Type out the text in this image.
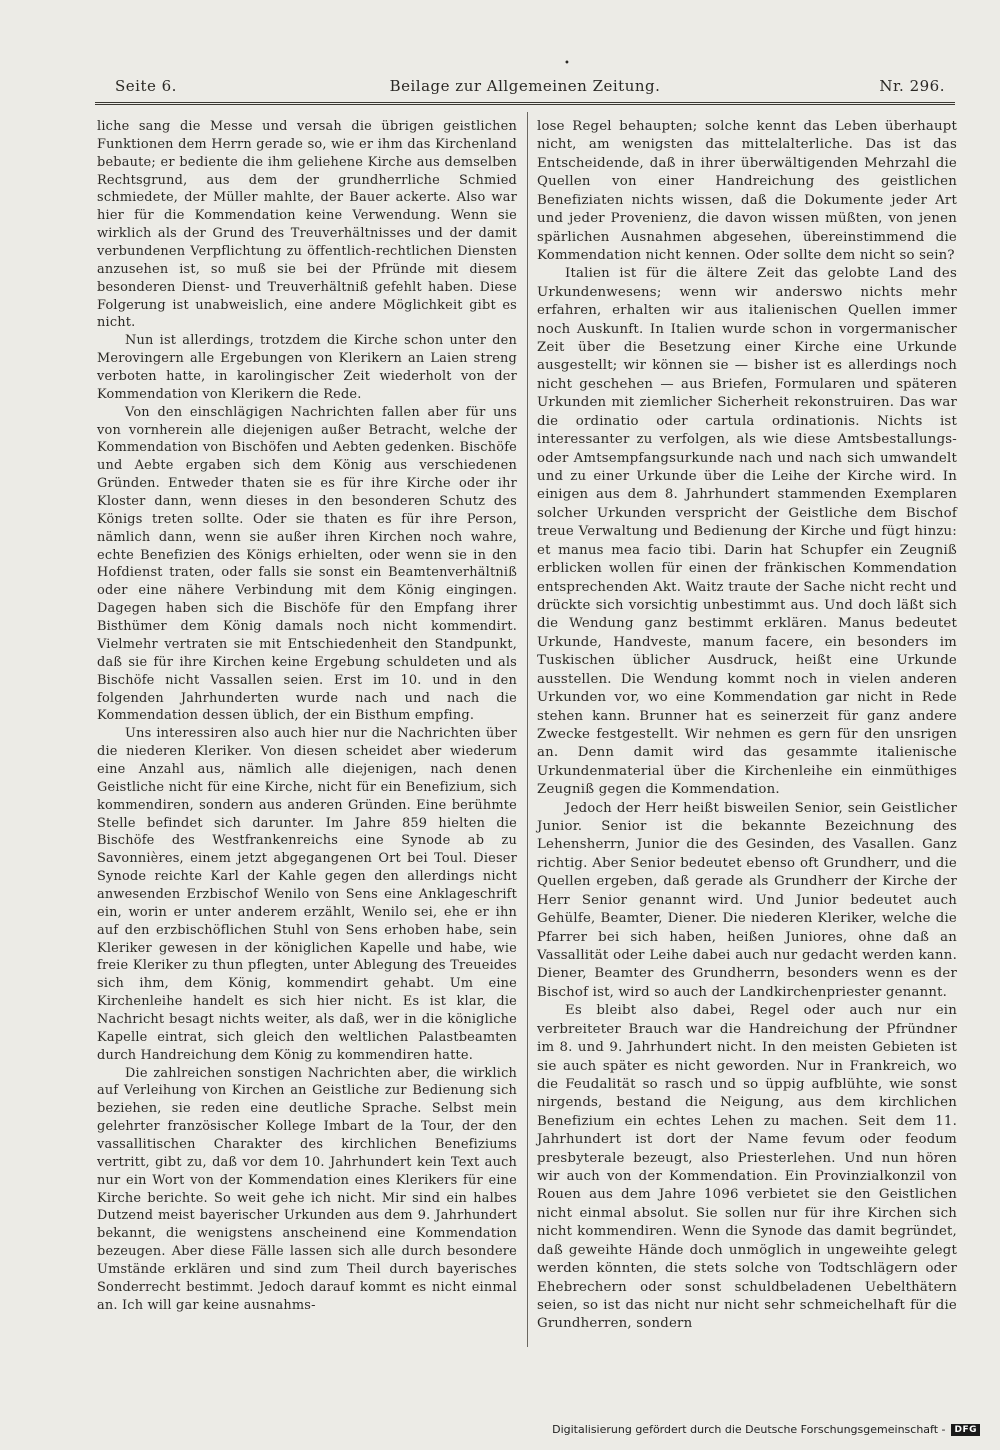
•
Seite 6.	Beilage zur Allgemeinen Zeitung.	Nr. 296.

liche sang die Messe und versah die übrigen geistlichen Funktionen dem Herrn gerade so, wie er ihm das Kirchenland bebaute; er bediente die ihm geliehene Kirche aus demselben Rechtsgrund, aus dem der grundherrliche Schmied schmiedete, der Müller mahlte, der Bauer ackerte. Also war hier für die Kommendation keine Verwendung. Wenn sie wirklich als der Grund des Treuverhältnisses und der damit verbundenen Verpflichtung zu öffentlich-rechtlichen Diensten anzusehen ist, so muß sie bei der Pfründe mit diesem besonderen Dienst- und Treuverhältniß gefehlt haben. Diese Folgerung ist unabweislich, eine andere Möglichkeit gibt es nicht.

Nun ist allerdings, trotzdem die Kirche schon unter den Merovingern alle Ergebungen von Klerikern an Laien streng verboten hatte, in karolingischer Zeit wiederholt von der Kommendation von Klerikern die Rede.

Von den einschlägigen Nachrichten fallen aber für uns von vornherein alle diejenigen außer Betracht, welche der Kommendation von Bischöfen und Aebten gedenken. Bischöfe und Aebte ergaben sich dem König aus verschiedenen Gründen. Entweder thaten sie es für ihre Kirche oder ihr Kloster dann, wenn dieses in den besonderen Schutz des Königs treten sollte. Oder sie thaten es für ihre Person, nämlich dann, wenn sie außer ihren Kirchen noch wahre, echte Benefizien des Königs erhielten, oder wenn sie in den Hofdienst traten, oder falls sie sonst ein Beamtenverhältniß oder eine nähere Verbindung mit dem König eingingen. Dagegen haben sich die Bischöfe für den Empfang ihrer Bisthümer dem König damals noch nicht kommendirt. Vielmehr vertraten sie mit Entschiedenheit den Standpunkt, daß sie für ihre Kirchen keine Ergebung schuldeten und als Bischöfe nicht Vassallen seien. Erst im 10. und in den folgenden Jahrhunderten wurde nach und nach die Kommendation dessen üblich, der ein Bisthum empfing.

Uns interessiren also auch hier nur die Nachrichten über die niederen Kleriker. Von diesen scheidet aber wiederum eine Anzahl aus, nämlich alle diejenigen, nach denen Geistliche nicht für eine Kirche, nicht für ein Benefizium, sich kommendiren, sondern aus anderen Gründen. Eine berühmte Stelle befindet sich darunter. Im Jahre 859 hielten die Bischöfe des Westfrankenreichs eine Synode ab zu Savonnières, einem jetzt abgegangenen Ort bei Toul. Dieser Synode reichte Karl der Kahle gegen den allerdings nicht anwesenden Erzbischof Wenilo von Sens eine Anklageschrift ein, worin er unter anderem erzählt, Wenilo sei, ehe er ihn auf den erzbischöflichen Stuhl von Sens erhoben habe, sein Kleriker gewesen in der königlichen Kapelle und habe, wie freie Kleriker zu thun pflegten, unter Ablegung des Treueides sich ihm, dem König, kommendirt gehabt. Um eine Kirchenleihe handelt es sich hier nicht. Es ist klar, die Nachricht besagt nichts weiter, als daß, wer in die königliche Kapelle eintrat, sich gleich den weltlichen Palastbeamten durch Handreichung dem König zu kommendiren hatte.

Die zahlreichen sonstigen Nachrichten aber, die wirklich auf Verleihung von Kirchen an Geistliche zur Bedienung sich beziehen, sie reden eine deutliche Sprache. Selbst mein gelehrter französischer Kollege Imbart de la Tour, der den vassallitischen Charakter des kirchlichen Benefiziums vertritt, gibt zu, daß vor dem 10. Jahrhundert kein Text auch nur ein Wort von der Kommendation eines Klerikers für eine Kirche berichte. So weit gehe ich nicht. Mir sind ein halbes Dutzend meist bayerischer Urkunden aus dem 9. Jahrhundert bekannt, die wenigstens anscheinend eine Kommendation bezeugen. Aber diese Fälle lassen sich alle durch besondere Umstände erklären und sind zum Theil durch bayerisches Sonderrecht bestimmt. Jedoch darauf kommt es nicht einmal an. Ich will gar keine ausnahms-

lose Regel behaupten; solche kennt das Leben überhaupt nicht, am wenigsten das mittelalterliche. Das ist das Entscheidende, daß in ihrer überwältigenden Mehrzahl die Quellen von einer Handreichung des geistlichen Benefiziaten nichts wissen, daß die Dokumente jeder Art und jeder Provenienz, die davon wissen müßten, von jenen spärlichen Ausnahmen abgesehen, übereinstimmend die Kommendation nicht kennen. Oder sollte dem nicht so sein?

Italien ist für die ältere Zeit das gelobte Land des Urkundenwesens; wenn wir anderswo nichts mehr erfahren, erhalten wir aus italienischen Quellen immer noch Auskunft. In Italien wurde schon in vorgermanischer Zeit über die Besetzung einer Kirche eine Urkunde ausgestellt; wir können sie — bisher ist es allerdings noch nicht geschehen — aus Briefen, Formularen und späteren Urkunden mit ziemlicher Sicherheit rekonstruiren. Das war die ordinatio oder cartula ordinationis. Nichts ist interessanter zu verfolgen, als wie diese Amtsbestallungs- oder Amtsempfangsurkunde nach und nach sich umwandelt und zu einer Urkunde über die Leihe der Kirche wird. In einigen aus dem 8. Jahrhundert stammenden Exemplaren solcher Urkunden verspricht der Geistliche dem Bischof treue Verwaltung und Bedienung der Kirche und fügt hinzu: et manus mea facio tibi. Darin hat Schupfer ein Zeugniß erblicken wollen für einen der fränkischen Kommendation entsprechenden Akt. Waitz traute der Sache nicht recht und drückte sich vorsichtig unbestimmt aus. Und doch läßt sich die Wendung ganz bestimmt erklären. Manus bedeutet Urkunde, Handveste, manum facere, ein besonders im Tuskischen üblicher Ausdruck, heißt eine Urkunde ausstellen. Die Wendung kommt noch in vielen anderen Urkunden vor, wo eine Kommendation gar nicht in Rede stehen kann. Brunner hat es seinerzeit für ganz andere Zwecke festgestellt. Wir nehmen es gern für den unsrigen an. Denn damit wird das gesammte italienische Urkundenmaterial über die Kirchenleihe ein einmüthiges Zeugniß gegen die Kommendation.

Jedoch der Herr heißt bisweilen Senior, sein Geistlicher Junior. Senior ist die bekannte Bezeichnung des Lehensherrn, Junior die des Gesinden, des Vasallen. Ganz richtig. Aber Senior bedeutet ebenso oft Grundherr, und die Quellen ergeben, daß gerade als Grundherr der Kirche der Herr Senior genannt wird. Und Junior bedeutet auch Gehülfe, Beamter, Diener. Die niederen Kleriker, welche die Pfarrer bei sich haben, heißen Juniores, ohne daß an Vassallität oder Leihe dabei auch nur gedacht werden kann. Diener, Beamter des Grundherrn, besonders wenn es der Bischof ist, wird so auch der Landkirchenpriester genannt.

Es bleibt also dabei, Regel oder auch nur ein verbreiteter Brauch war die Handreichung der Pfründner im 8. und 9. Jahrhundert nicht. In den meisten Gebieten ist sie auch später es nicht geworden. Nur in Frankreich, wo die Feudalität so rasch und so üppig aufblühte, wie sonst nirgends, bestand die Neigung, aus dem kirchlichen Benefizium ein echtes Lehen zu machen. Seit dem 11. Jahrhundert ist dort der Name fevum oder feodum presbyterale bezeugt, also Priesterlehen. Und nun hören wir auch von der Kommendation. Ein Provinzialkonzil von Rouen aus dem Jahre 1096 verbietet sie den Geistlichen nicht einmal absolut. Sie sollen nur für ihre Kirchen sich nicht kommendiren. Wenn die Synode das damit begründet, daß geweihte Hände doch unmöglich in ungeweihte gelegt werden könnten, die stets solche von Todtschlägern oder Ehebrechern oder sonst schuldbeladenen Uebelthätern seien, so ist das nicht nur nicht sehr schmeichelhaft für die Grundherren, sondern

Digitalisierung gefördert durch die Deutsche Forschungsgemeinschaft -	DFG
